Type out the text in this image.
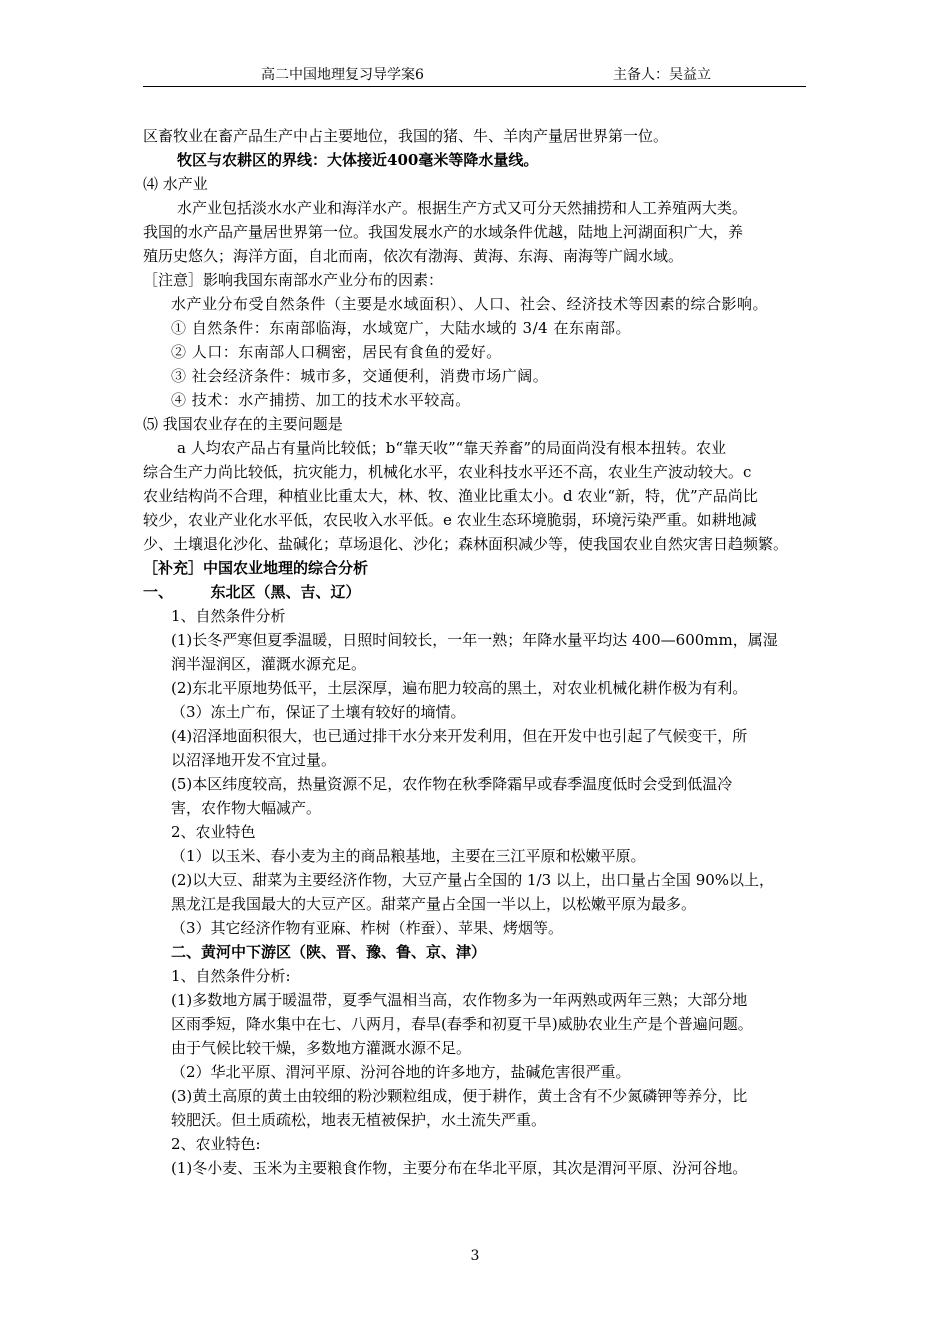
高二中国地理复习导学案6	主备人：吴益立

区畜牧业在畜产品生产中占主要地位，我国的猪、牛、羊肉产量居世界第一位。

牧区与农耕区的界线：大体接近400毫米等降水量线。

⑷ 水产业

水产业包括淡水水产业和海洋水产。根据生产方式又可分天然捕捞和人工养殖两大类。

我国的水产品产量居世界第一位。我国发展水产的水域条件优越，陆地上河湖面积广大，养

殖历史悠久；海洋方面，自北而南，依次有渤海、黄海、东海、南海等广阔水域。

［注意］影响我国东南部水产业分布的因素：

水产业分布受自然条件（主要是水域面积）、人口、社会、经济技术等因素的综合影响。

① 自然条件：东南部临海，水域宽广，大陆水域的 3/4 在东南部。

② 人口：东南部人口稠密，居民有食鱼的爱好。

③ 社会经济条件：城市多，交通便利，消费市场广阔。

④ 技术：水产捕捞、加工的技术水平较高。

⑸ 我国农业存在的主要问题是

a 人均农产品占有量尚比较低；b“靠天收”“靠天养畜”的局面尚没有根本扭转。农业

综合生产力尚比较低，抗灾能力，机械化水平，农业科技水平还不高，农业生产波动较大。c

农业结构尚不合理，种植业比重太大，林、牧、渔业比重太小。d 农业“新，特，优”产品尚比

较少，农业产业化水平低，农民收入水平低。e 农业生态环境脆弱，环境污染严重。如耕地减

少、土壤退化沙化、盐碱化；草场退化、沙化；森林面积减少等，使我国农业自然灾害日趋频繁。

［补充］中国农业地理的综合分析

一、　　　东北区（黑、吉、辽）

1、自然条件分析

(1)长冬严寒但夏季温暖，日照时间较长，一年一熟；年降水量平均达 400—600mm，属湿

润半湿润区，灌溉水源充足。

(2)东北平原地势低平，土层深厚，遍布肥力较高的黑土，对农业机械化耕作极为有利。

（3）冻土广布，保证了土壤有较好的墒情。

(4)沼泽地面积很大，也已通过排干水分来开发利用，但在开发中也引起了气候变干，所

以沼泽地开发不宜过量。

(5)本区纬度较高，热量资源不足，农作物在秋季降霜早或春季温度低时会受到低温冷

害，农作物大幅减产。

2、农业特色

（1）以玉米、春小麦为主的商品粮基地，主要在三江平原和松嫩平原。

(2)以大豆、甜菜为主要经济作物，大豆产量占全国的 1/3 以上，出口量占全国 90%以上，

黑龙江是我国最大的大豆产区。甜菜产量占全国一半以上，以松嫩平原为最多。

（3）其它经济作物有亚麻、柞树（柞蚕）、苹果、烤烟等。

二、黄河中下游区（陕、晋、豫、鲁、京、津）

1、自然条件分析:

(1)多数地方属于暖温带，夏季气温相当高，农作物多为一年两熟或两年三熟；大部分地

区雨季短，降水集中在七、八两月，春旱(春季和初夏干旱)威胁农业生产是个普遍问题。

由于气候比较干燥，多数地方灌溉水源不足。

（2）华北平原、渭河平原、汾河谷地的许多地方，盐碱危害很严重。

(3)黄土高原的黄土由较细的粉沙颗粒组成，便于耕作，黄土含有不少氮磷钾等养分，比

较肥沃。但土质疏松，地表无植被保护，水土流失严重。

2、农业特色:

(1)冬小麦、玉米为主要粮食作物，主要分布在华北平原，其次是渭河平原、汾河谷地。

3
